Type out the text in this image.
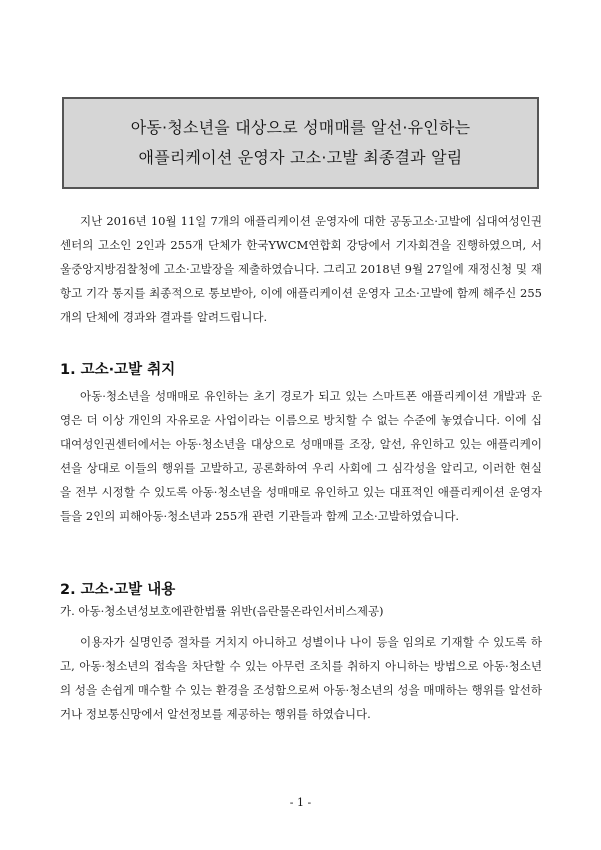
아동·청소년을 대상으로 성매매를 알선·유인하는
애플리케이션 운영자 고소·고발 최종결과 알림

지난 2016년 10월 11일 7개의 애플리케이션 운영자에 대한 공동고소·고발에 십대여성인권센터의 고소인 2인과 255개 단체가 한국YWCM연합회 강당에서 기자회견을 진행하였으며, 서울중앙지방검찰청에 고소·고발장을 제출하였습니다. 그리고 2018년 9월 27일에 재정신청 및 재항고 기각 통지를 최종적으로 통보받아, 이에 애플리케이션 운영자 고소·고발에 함께 해주신 255개의 단체에 경과와 결과를 알려드립니다.

1. 고소·고발 취지

아동·청소년을 성매매로 유인하는 초기 경로가 되고 있는 스마트폰 애플리케이션 개발과 운영은 더 이상 개인의 자유로운 사업이라는 이름으로 방치할 수 없는 수준에 놓였습니다. 이에 십대여성인권센터에서는 아동·청소년을 대상으로 성매매를 조장, 알선, 유인하고 있는 애플리케이션을 상대로 이들의 행위를 고발하고, 공론화하여 우리 사회에 그 심각성을 알리고, 이러한 현실을 전부 시정할 수 있도록 아동·청소년을 성매매로 유인하고 있는 대표적인 애플리케이션 운영자들을 2인의 피해아동·청소년과 255개 관련 기관들과 함께 고소·고발하였습니다.

2. 고소·고발 내용
가. 아동·청소년성보호에관한법률 위반(음란물온라인서비스제공)

이용자가 실명인증 절차를 거치지 아니하고 성별이나 나이 등을 임의로 기재할 수 있도록 하고, 아동·청소년의 접속을 차단할 수 있는 아무런 조치를 취하지 아니하는 방법으로 아동·청소년의 성을 손쉽게 매수할 수 있는 환경을 조성함으로써 아동·청소년의 성을 매매하는 행위를 알선하거나 정보통신망에서 알선정보를 제공하는 행위를 하였습니다.

- 1 -
